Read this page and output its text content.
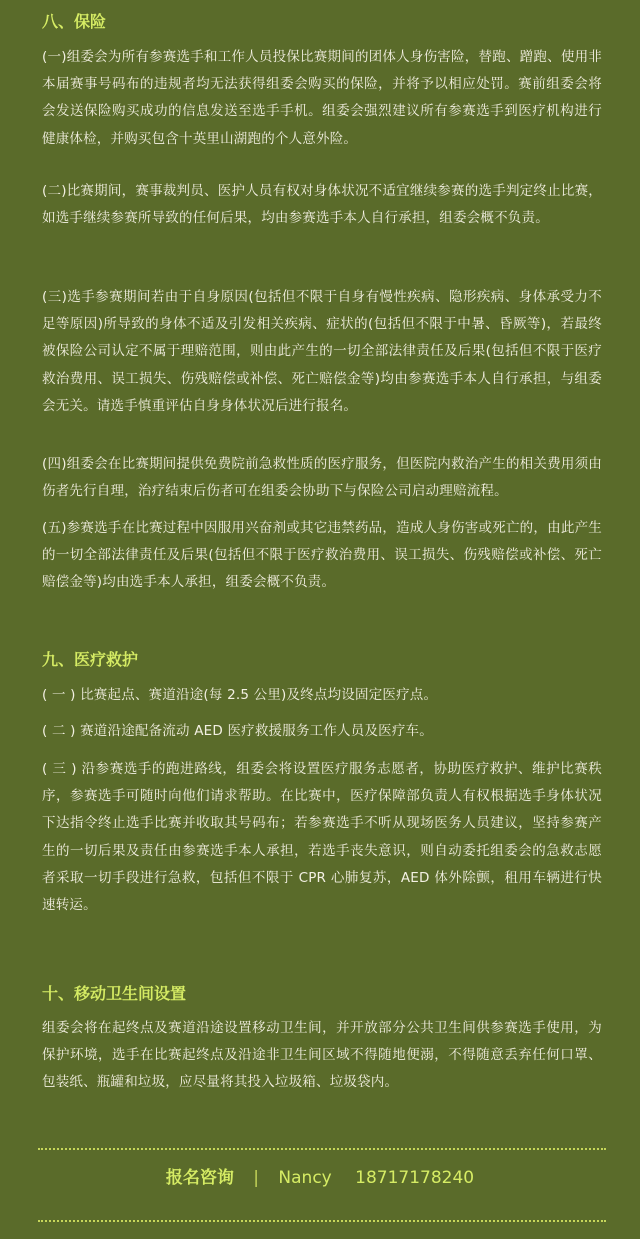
八、保险

(一)组委会为所有参赛选手和工作人员投保比赛期间的团体人身伤害险，替跑、蹭跑、使用非本届赛事号码布的违规者均无法获得组委会购买的保险，并将予以相应处罚。赛前组委会将会发送保险购买成功的信息发送至选手手机。组委会强烈建议所有参赛选手到医疗机构进行健康体检，并购买包含十英里山湖跑的个人意外险。

(二)比赛期间，赛事裁判员、医护人员有权对身体状况不适宜继续参赛的选手判定终止比赛，如选手继续参赛所导致的任何后果，均由参赛选手本人自行承担，组委会概不负责。

(三)选手参赛期间若由于自身原因(包括但不限于自身有慢性疾病、隐形疾病、身体承受力不足等原因)所导致的身体不适及引发相关疾病、症状的(包括但不限于中暑、昏厥等)，若最终被保险公司认定不属于理赔范围，则由此产生的一切全部法律责任及后果(包括但不限于医疗救治费用、误工损失、伤残赔偿或补偿、死亡赔偿金等)均由参赛选手本人自行承担，与组委会无关。请选手慎重评估自身身体状况后进行报名。

(四)组委会在比赛期间提供免费院前急救性质的医疗服务，但医院内救治产生的相关费用须由伤者先行自理，治疗结束后伤者可在组委会协助下与保险公司启动理赔流程。

(五)参赛选手在比赛过程中因服用兴奋剂或其它违禁药品，造成人身伤害或死亡的，由此产生的一切全部法律责任及后果(包括但不限于医疗救治费用、误工损失、伤残赔偿或补偿、死亡赔偿金等)均由选手本人承担，组委会概不负责。

九、医疗救护

( 一 ) 比赛起点、赛道沿途(每 2.5 公里)及终点均设固定医疗点。

( 二 ) 赛道沿途配备流动 AED 医疗救援服务工作人员及医疗车。

( 三 ) 沿参赛选手的跑进路线，组委会将设置医疗服务志愿者，协助医疗救护、维护比赛秩序，参赛选手可随时向他们请求帮助。在比赛中，医疗保障部负责人有权根据选手身体状况下达指令终止选手比赛并收取其号码布；若参赛选手不听从现场医务人员建议，坚持参赛产生的一切后果及责任由参赛选手本人承担，若选手丧失意识，则自动委托组委会的急救志愿者采取一切手段进行急救，包括但不限于 CPR 心肺复苏，AED 体外除颤，租用车辆进行快速转运。

十、移动卫生间设置

组委会将在起终点及赛道沿途设置移动卫生间，并开放部分公共卫生间供参赛选手使用，为保护环境，选手在比赛起终点及沿途非卫生间区域不得随地便溺，不得随意丢弃任何口罩、包装纸、瓶罐和垃圾，应尽量将其投入垃圾箱、垃圾袋内。

报名咨询 | Nancy 18717178240
